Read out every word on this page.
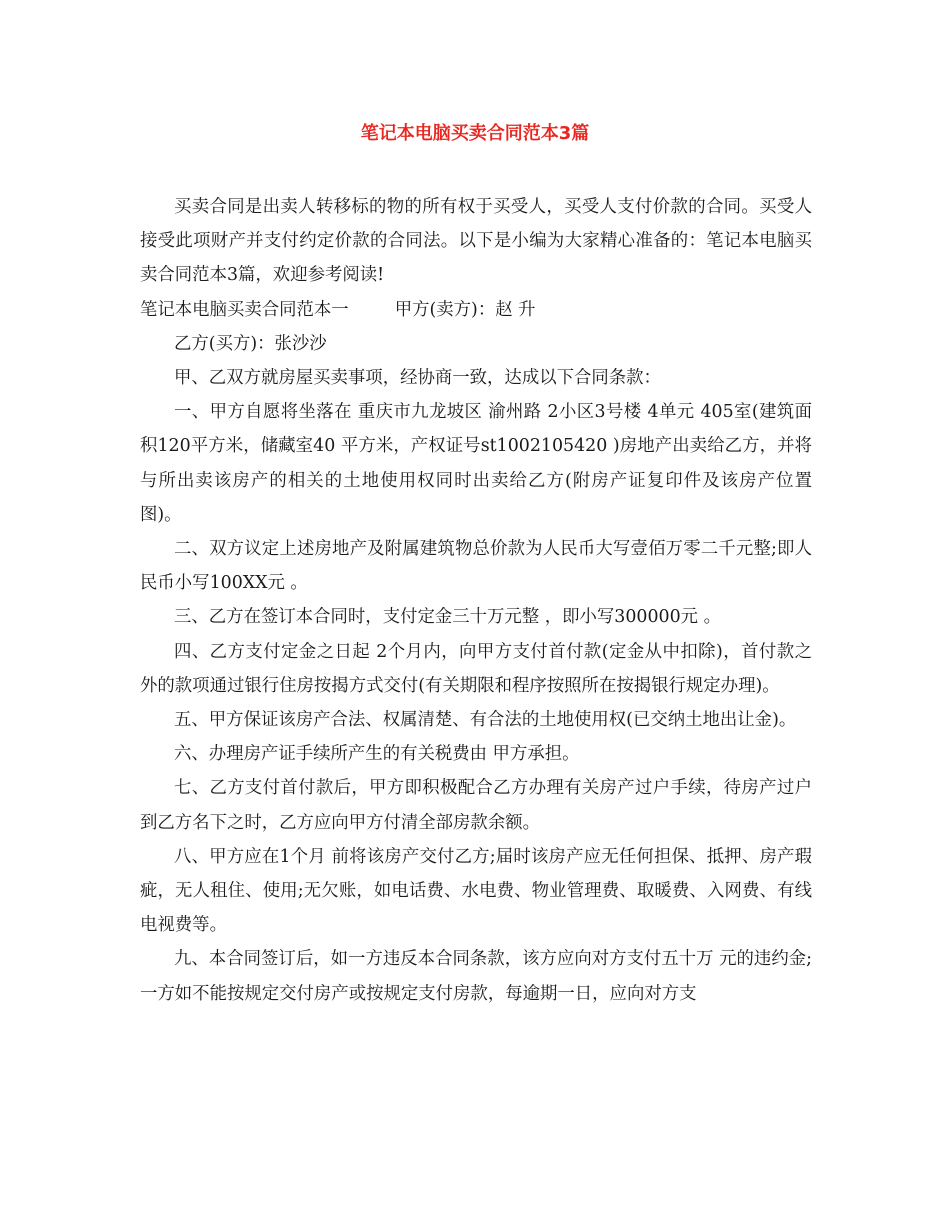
笔记本电脑买卖合同范本3篇

买卖合同是出卖人转移标的物的所有权于买受人，买受人支付价款的合同。买受人接受此项财产并支付约定价款的合同法。以下是小编为大家精心准备的：笔记本电脑买卖合同范本3篇，欢迎参考阅读!

笔记本电脑买卖合同范本一	甲方(卖方)：赵 升

乙方(买方)：张沙沙

甲、乙双方就房屋买卖事项，经协商一致，达成以下合同条款：

一、甲方自愿将坐落在 重庆市九龙坡区 渝州路 2小区3号楼 4单元 405室(建筑面积120平方米，储藏室40 平方米，产权证号st1002105420 )房地产出卖给乙方，并将与所出卖该房产的相关的土地使用权同时出卖给乙方(附房产证复印件及该房产位置图)。

二、双方议定上述房地产及附属建筑物总价款为人民币大写壹佰万零二千元整;即人民币小写100XX元 。

三、乙方在签订本合同时，支付定金三十万元整 ，即小写300000元 。

四、乙方支付定金之日起 2个月内，向甲方支付首付款(定金从中扣除)，首付款之外的款项通过银行住房按揭方式交付(有关期限和程序按照所在按揭银行规定办理)。

五、甲方保证该房产合法、权属清楚、有合法的土地使用权(已交纳土地出让金)。

六、办理房产证手续所产生的有关税费由 甲方承担。

七、乙方支付首付款后，甲方即积极配合乙方办理有关房产过户手续，待房产过户到乙方名下之时，乙方应向甲方付清全部房款余额。

八、甲方应在1个月 前将该房产交付乙方;届时该房产应无任何担保、抵押、房产瑕疵，无人租住、使用;无欠账，如电话费、水电费、物业管理费、取暖费、入网费、有线电视费等。

九、本合同签订后，如一方违反本合同条款，该方应向对方支付五十万 元的违约金;一方如不能按规定交付房产或按规定支付房款，每逾期一日，应向对方支
